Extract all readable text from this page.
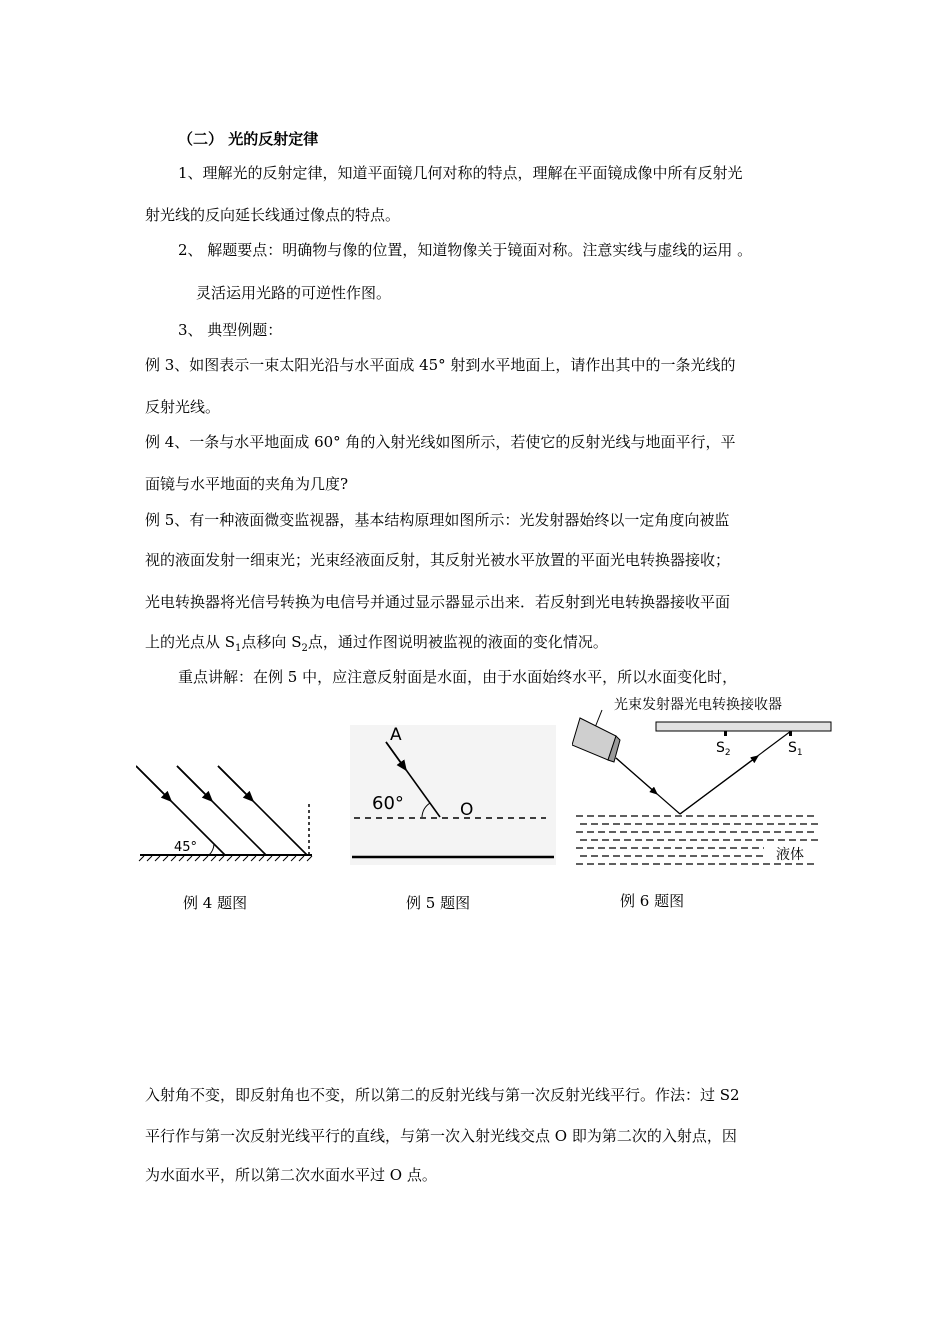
（二） 光的反射定律
1、理解光的反射定律，知道平面镜几何对称的特点，理解在平面镜成像中所有反射光
射光线的反向延长线通过像点的特点。
2、 解题要点：明确物与像的位置，知道物像关于镜面对称。注意实线与虚线的运用 。
灵活运用光路的可逆性作图。
3、 典型例题：
例 3、如图表示一束太阳光沿与水平面成 45° 射到水平地面上，请作出其中的一条光线的
反射光线。
例 4、一条与水平地面成 60° 角的入射光线如图所示，若使它的反射光线与地面平行，平
面镜与水平地面的夹角为几度?
例 5、有一种液面微变监视器，基本结构原理如图所示：光发射器始终以一定角度向被监
视的液面发射一细束光；光束经液面反射，其反射光被水平放置的平面光电转换器接收；
光电转换器将光信号转换为电信号并通过显示器显示出来．若反射到光电转换器接收平面
上的光点从 $S_1$点移向 $S_2$点，通过作图说明被监视的液面的变化情况。
重点讲解：在例 5 中，应注意反射面是水面，由于水面始终水平，所以水面变化时，
45°
例 4 题图
A
60°	O
例 5 题图
光束发射器 光电转换接收器
$S_2$	$S_1$
液体
例 6 题图
入射角不变，即反射角也不变，所以第二的反射光线与第一次反射光线平行。作法：过 S2
平行作与第一次反射光线平行的直线，与第一次入射光线交点 O 即为第二次的入射点，因
为水面水平，所以第二次水面水平过 O 点。
